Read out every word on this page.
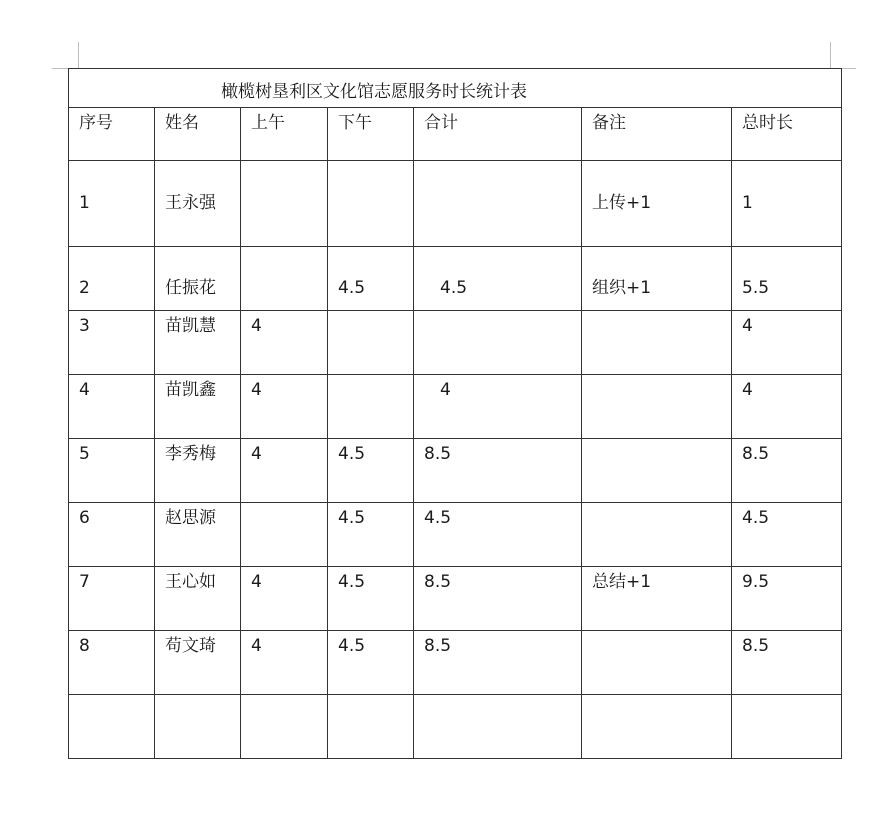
橄榄树垦利区文化馆志愿服务时长统计表						

序号	姓名	上午	下午	合计	备注	总时长

1	王永强				上传+1	1

2	任振花		4.5	4.5	组织+1	5.5

3	苗凯慧	4				4

4	苗凯鑫	4		4		4

5	李秀梅	4	4.5	8.5		8.5

6	赵思源		4.5	4.5		4.5

7	王心如	4	4.5	8.5	总结+1	9.5

8	苟文琦	4	4.5	8.5		8.5
